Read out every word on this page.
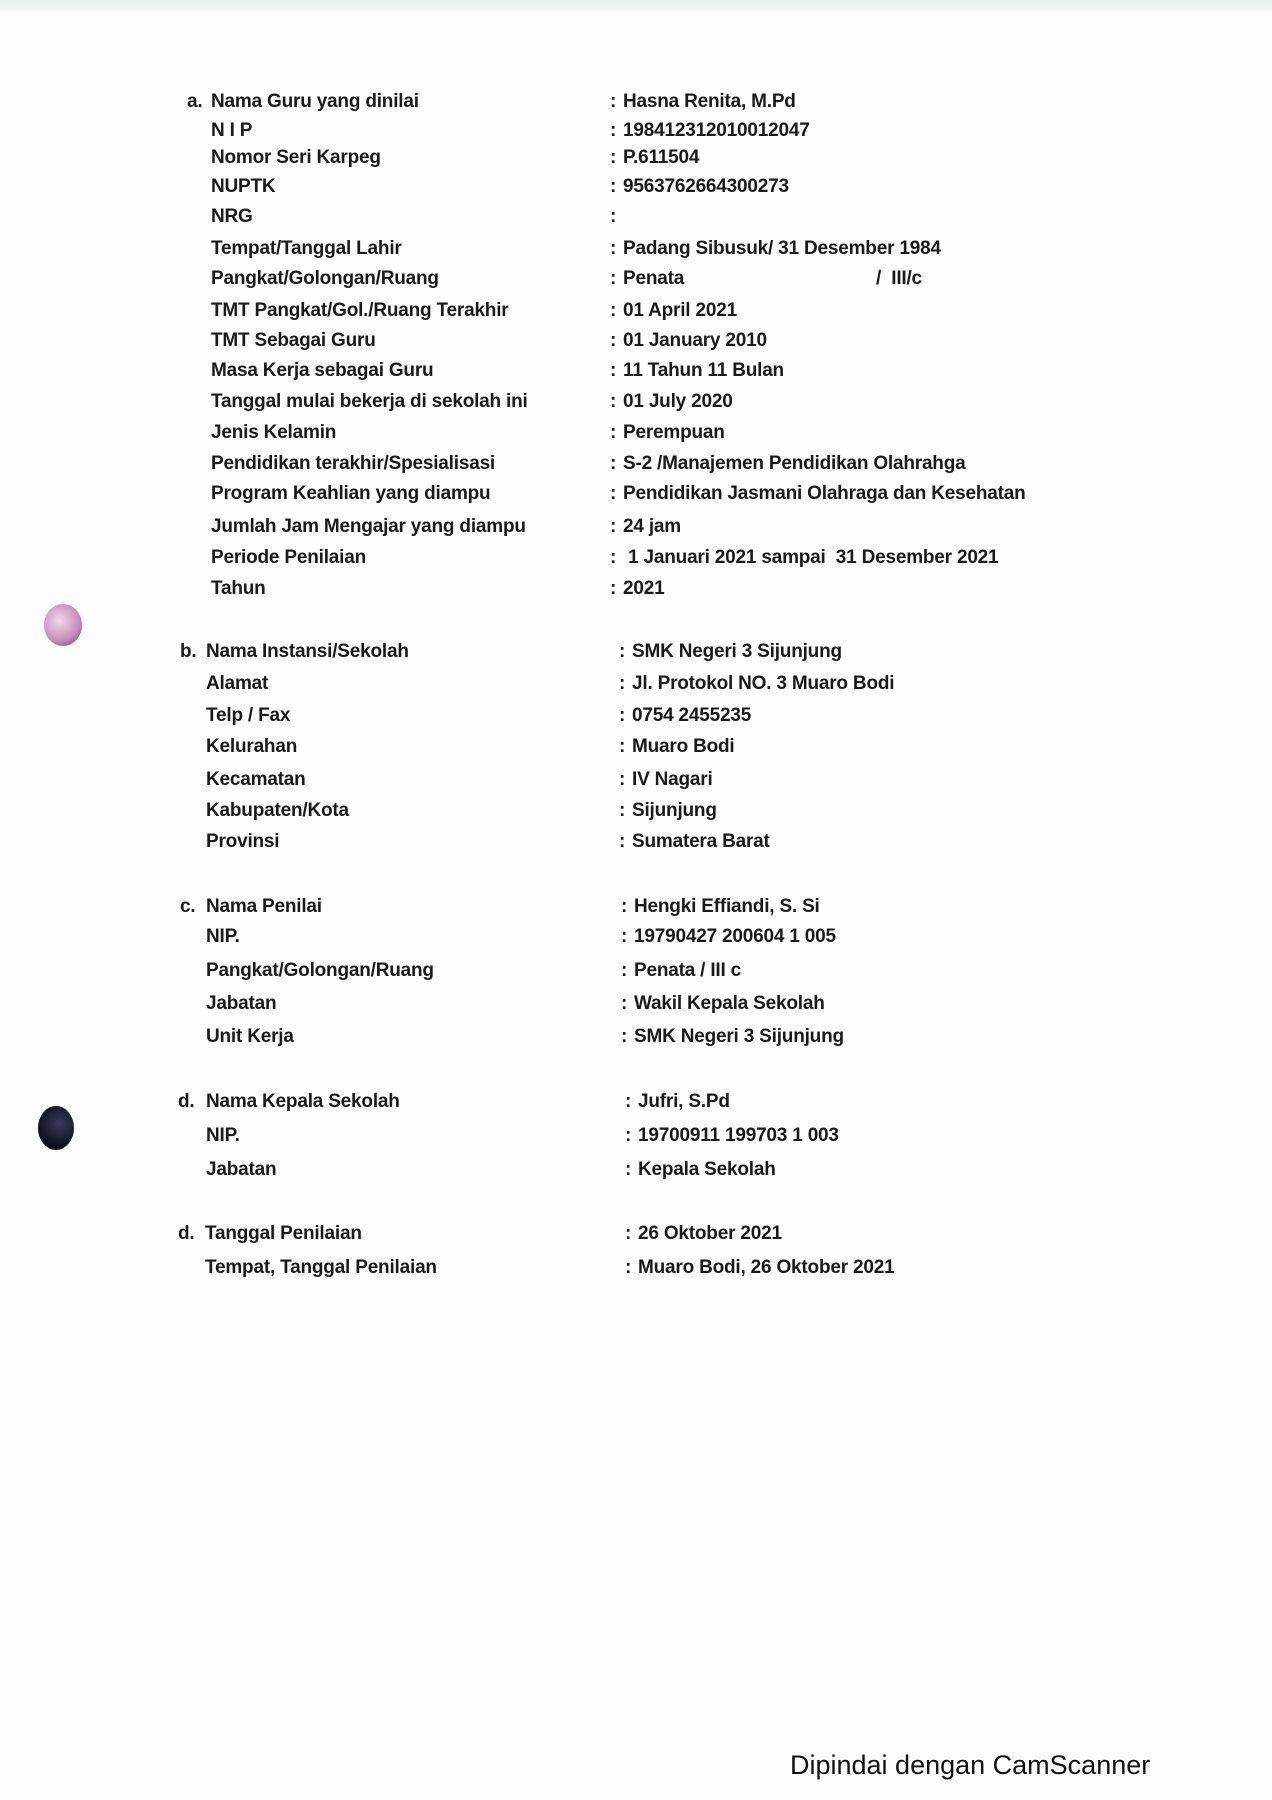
a. Nama Guru yang dinilai	: Hasna Renita, M.Pd
N I P	: 198412312010012047
Nomor Seri Karpeg	: P.611504
NUPTK	: 9563762664300273
NRG	:
Tempat/Tanggal Lahir	: Padang Sibusuk/ 31 Desember 1984
Pangkat/Golongan/Ruang	: Penata	/  III/c
TMT Pangkat/Gol./Ruang Terakhir	: 01 April 2021
TMT Sebagai Guru	: 01 January 2010
Masa Kerja sebagai Guru	: 11 Tahun 11 Bulan
Tanggal mulai bekerja di sekolah ini	: 01 July 2020
Jenis Kelamin	: Perempuan
Pendidikan terakhir/Spesialisasi	: S-2 /Manajemen Pendidikan Olahrahga
Program Keahlian yang diampu	: Pendidikan Jasmani Olahraga dan Kesehatan
Jumlah Jam Mengajar yang diampu	: 24 jam
Periode Penilaian	: 1 Januari 2021 sampai  31 Desember 2021
Tahun	: 2021
b. Nama Instansi/Sekolah	: SMK Negeri 3 Sijunjung
Alamat	: Jl. Protokol NO. 3 Muaro Bodi
Telp / Fax	: 0754 2455235
Kelurahan	: Muaro Bodi
Kecamatan	: IV Nagari
Kabupaten/Kota	: Sijunjung
Provinsi	: Sumatera Barat
c. Nama Penilai	: Hengki Effiandi, S. Si
NIP.	: 19790427 200604 1 005
Pangkat/Golongan/Ruang	: Penata / III c
Jabatan	: Wakil Kepala Sekolah
Unit Kerja	: SMK Negeri 3 Sijunjung
d. Nama Kepala Sekolah	: Jufri, S.Pd
NIP.	: 19700911 199703 1 003
Jabatan	: Kepala Sekolah
d. Tanggal Penilaian	: 26 Oktober 2021
Tempat, Tanggal Penilaian	: Muaro Bodi, 26 Oktober 2021
Dipindai dengan CamScanner
